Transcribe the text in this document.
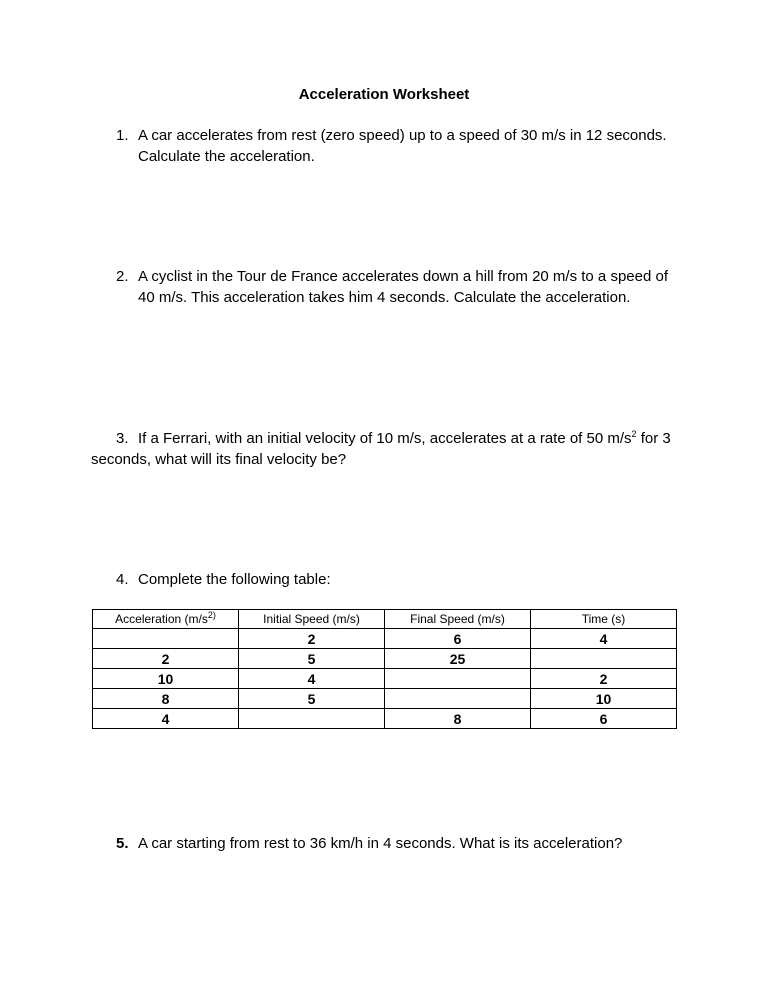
Acceleration Worksheet
1. A car accelerates from rest (zero speed) up to a speed of 30 m/s in 12 seconds. Calculate the acceleration.
2. A cyclist in the Tour de France accelerates down a hill from 20 m/s to a speed of 40 m/s. This acceleration takes him 4 seconds. Calculate the acceleration.
3. If a Ferrari, with an initial velocity of 10 m/s, accelerates at a rate of 50 $m/s^2$ for 3 seconds, what will its final velocity be?
4. Complete the following table:
Acceleration ($m/s^{2)}$	Initial Speed (m/s)	Final Speed (m/s)	Time (s)
	2	6	4
2	5	25	
10	4		2
8	5		10
4		8	6
5. A car starting from rest to 36 km/h in 4 seconds. What is its acceleration?
